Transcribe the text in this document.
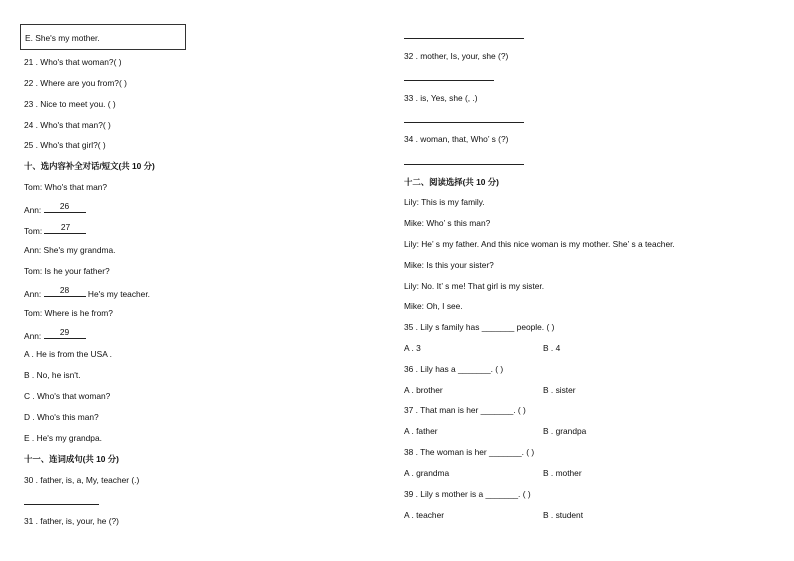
E. She's my mother.
21 . Who's that woman?( )
22 . Where are you from?( )
23 . Nice to meet you. ( )
24 . Who's that man?( )
25 . Who's that girl?( )
十、选内容补全对话/短文(共 10 分)
Tom: Who's that man?
Ann:	26
Tom:	27
Ann: She's my grandma.
Tom: Is he your father?
Ann:	28	He's my teacher.
Tom: Where is he from?
Ann:	29
A . He is from the USA .
B . No, he isn't.
C . Who's that woman?
D . Who's this man?
E . He's my grandpa.
十一、连词成句(共 10 分)
30 . father, is, a, My, teacher (.)
31 . father, is, your, he (?)
32 . mother, Is, your, she (?)
33 . is, Yes, she (, .)
34 . woman, that, Who’ s (?)
十二、阅读选择(共 10 分)
Lily: This is my family.
Mike: Who’ s this man?
Lily: He’ s my father. And this nice woman is my mother. She’ s a teacher.
Mike: Is this your sister?
Lily: No. It’ s me! That girl is my sister.
Mike: Oh, I see.
35 . Lily s family has _______ people. ( )
A . 3	B . 4
36 . Lily has a _______. ( )
A . brother	B . sister
37 . That man is her _______. ( )
A . father	B . grandpa
38 . The woman is her _______. ( )
A . grandma	B . mother
39 . Lily s mother is a _______. ( )
A . teacher	B . student
